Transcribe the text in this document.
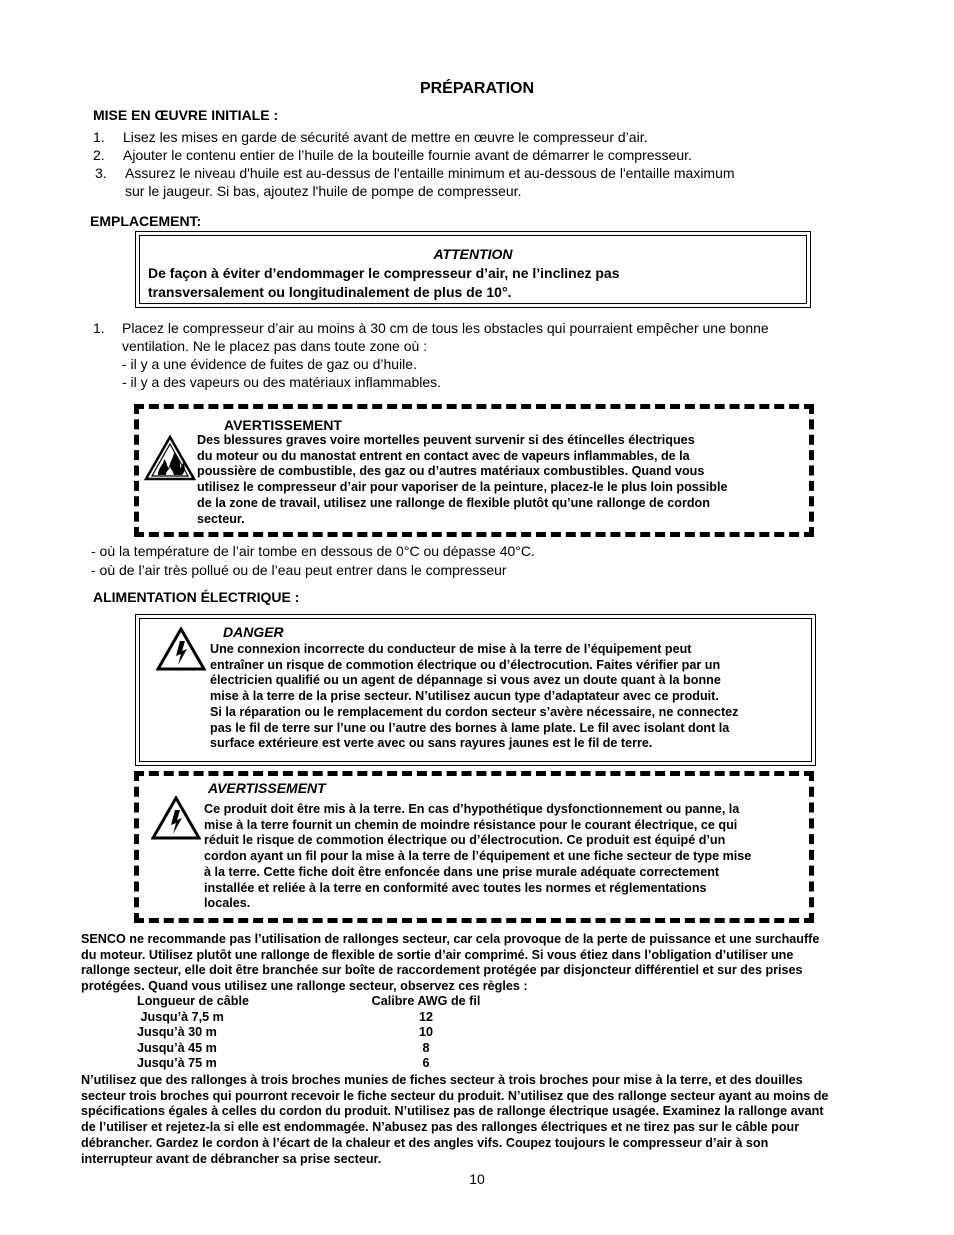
PRÉPARATION
MISE EN ŒUVRE INITIALE :
1. Lisez les mises en garde de sécurité avant de mettre en œuvre le compresseur d’air.
2. Ajouter le contenu entier de l’huile de la bouteille fournie avant de démarrer le compresseur.
3. Assurez le niveau d'huile est au-dessus de l'entaille minimum et au-dessous de l'entaille maximum
sur le jaugeur. Si bas, ajoutez l'huile de pompe de compresseur.
EMPLACEMENT:
ATTENTION
De façon à éviter d’endommager le compresseur d’air, ne l’inclinez pas
transversalement ou longitudinalement de plus de 10°.
1. Placez le compresseur d’air au moins à 30 cm de tous les obstacles qui pourraient empêcher une bonne
ventilation. Ne le placez pas dans toute zone où :
- il y a une évidence de fuites de gaz ou d’huile.
- il y a des vapeurs ou des matériaux inflammables.
AVERTISSEMENT
Des blessures graves voire mortelles peuvent survenir si des étincelles électriques
du moteur ou du manostat entrent en contact avec de vapeurs inflammables, de la
poussière de combustible, des gaz ou d’autres matériaux combustibles. Quand vous
utilisez le compresseur d’air pour vaporiser de la peinture, placez-le le plus loin possible
de la zone de travail, utilisez une rallonge de flexible plutôt qu’une rallonge de cordon
secteur.
- où la température de l’air tombe en dessous de 0°C ou dépasse 40°C.
- où de l’air très pollué ou de l’eau peut entrer dans le compresseur
ALIMENTATION ÉLECTRIQUE :
DANGER
Une connexion incorrecte du conducteur de mise à la terre de l’équipement peut
entraîner un risque de commotion électrique ou d’électrocution. Faites vérifier par un
électricien qualifié ou un agent de dépannage si vous avez un doute quant à la bonne
mise à la terre de la prise secteur. N’utilisez aucun type d’adaptateur avec ce produit.
Si la réparation ou le remplacement du cordon secteur s’avère nécessaire, ne connectez
pas le fil de terre sur l’une ou l’autre des bornes à lame plate. Le fil avec isolant dont la
surface extérieure est verte avec ou sans rayures jaunes est le fil de terre.
AVERTISSEMENT
Ce produit doit être mis à la terre. En cas d’hypothétique dysfonctionnement ou panne, la
mise à la terre fournit un chemin de moindre résistance pour le courant électrique, ce qui
réduit le risque de commotion électrique ou d’électrocution. Ce produit est équipé d’un
cordon ayant un fil pour la mise à la terre de l’équipement et une fiche secteur de type mise
à la terre. Cette fiche doit être enfoncée dans une prise murale adéquate correctement
installée et reliée à la terre en conformité avec toutes les normes et réglementations
locales.
SENCO ne recommande pas l’utilisation de rallonges secteur, car cela provoque de la perte de puissance et une surchauffe
du moteur. Utilisez plutôt une rallonge de flexible de sortie d’air comprimé. Si vous étiez dans l’obligation d’utiliser une
rallonge secteur, elle doit être branchée sur boîte de raccordement protégée par disjoncteur différentiel et sur des prises
protégées. Quand vous utilisez une rallonge secteur, observez ces règles :
Longueur de câble	Calibre AWG de fil
Jusqu’à 7,5 m	12
Jusqu’à 30 m	10
Jusqu’à 45 m	8
Jusqu’à 75 m	6
N’utilisez que des rallonges à trois broches munies de fiches secteur à trois broches pour mise à la terre, et des douilles
secteur trois broches qui pourront recevoir le fiche secteur du produit. N’utilisez que des rallonge secteur ayant au moins de
spécifications égales à celles du cordon du produit. N’utilisez pas de rallonge électrique usagée. Examinez la rallonge avant
de l’utiliser et rejetez-la si elle est endommagée. N’abusez pas des rallonges électriques et ne tirez pas sur le câble pour
débrancher. Gardez le cordon à l’écart de la chaleur et des angles vifs. Coupez toujours le compresseur d’air à son
interrupteur avant de débrancher sa prise secteur.
10
